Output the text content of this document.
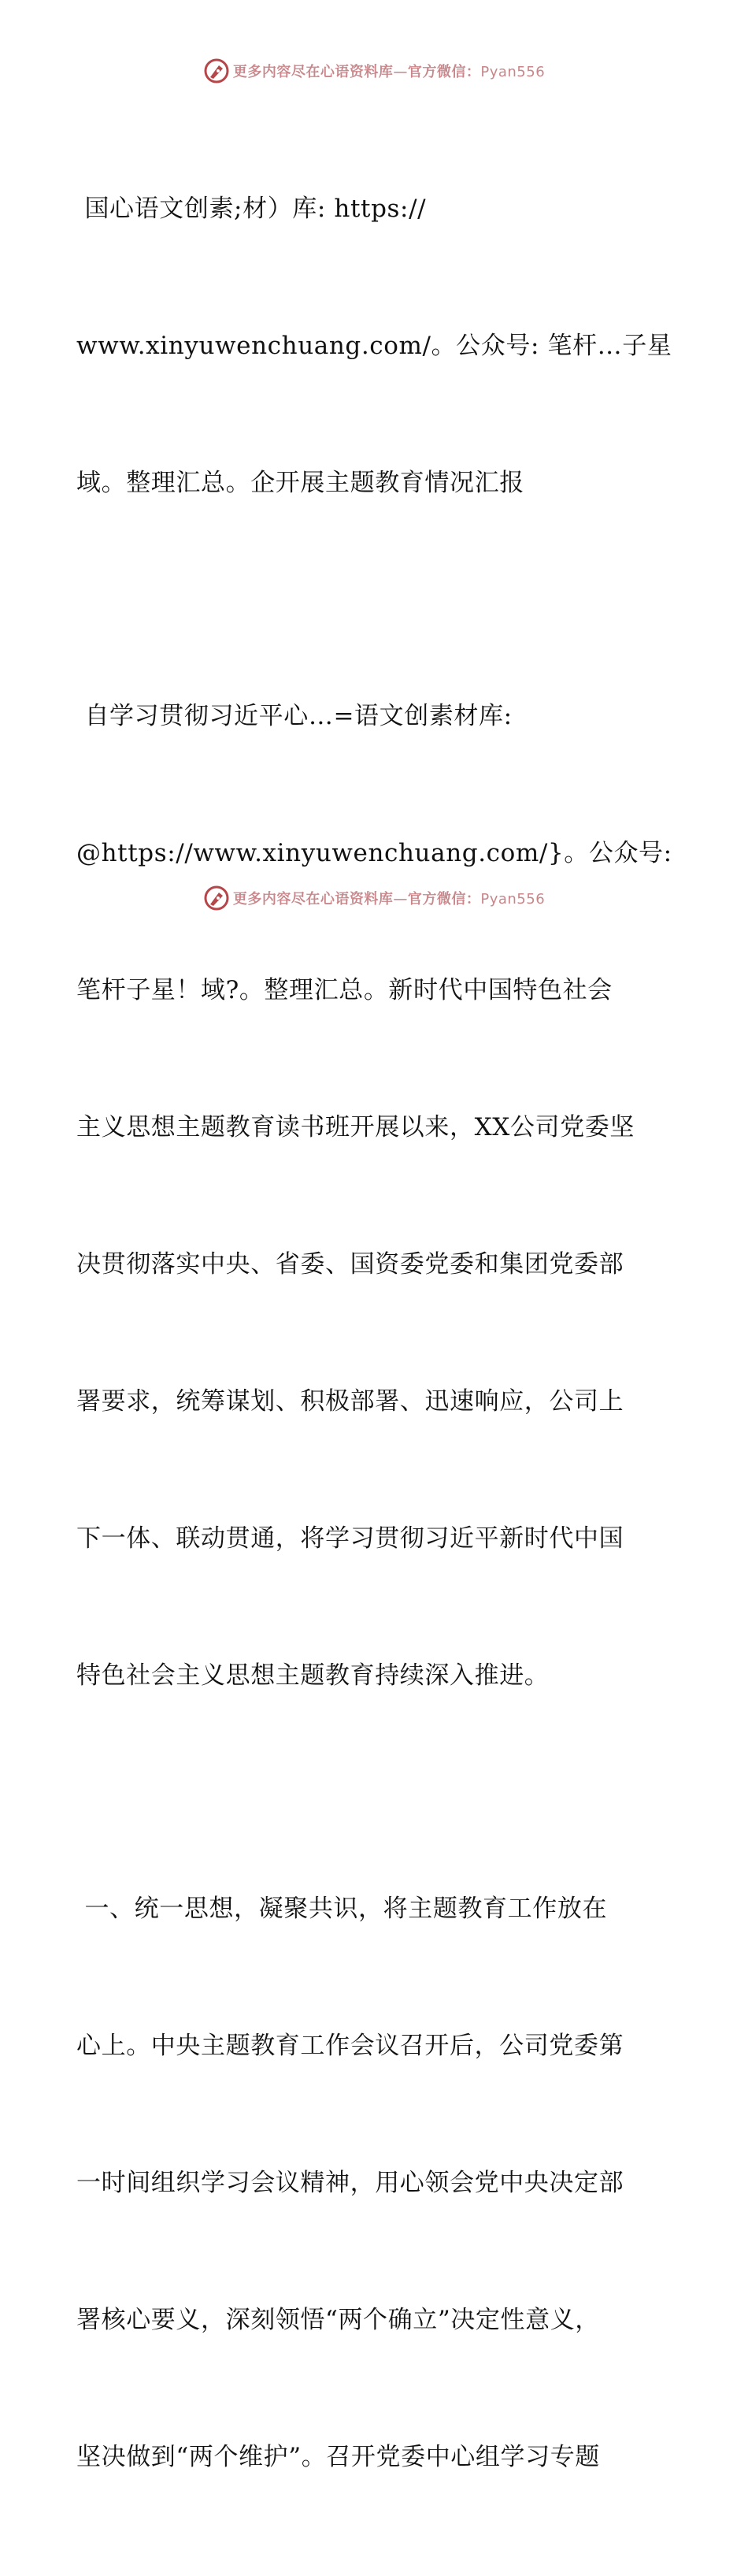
更多内容尽在心语资料库—官方微信：Pyan556

国心语文创素;材）库: https://

www.xinyuwenchuang.com/。公众号: 笔杆…子星

域。整理汇总。企开展主题教育情况汇报

自学习贯彻习近平心…=语文创素材库:

@https://www.xinyuwenchuang.com/}。公众号:

笔杆子星！域?。整理汇总。新时代中国特色社会

主义思想主题教育读书班开展以来，XX公司党委坚

决贯彻落实中央、省委、国资委党委和集团党委部

署要求，统筹谋划、积极部署、迅速响应，公司上

下一体、联动贯通，将学习贯彻习近平新时代中国

特色社会主义思想主题教育持续深入推进。

一、统一思想，凝聚共识，将主题教育工作放在

心上。中央主题教育工作会议召开后，公司党委第

一时间组织学习会议精神，用心领会党中央决定部

署核心要义，深刻领悟“两个确立”决定性意义，

坚决做到“两个维护”。召开党委中心组学习专题

更多内容尽在心语资料库—官方微信：Pyan556
